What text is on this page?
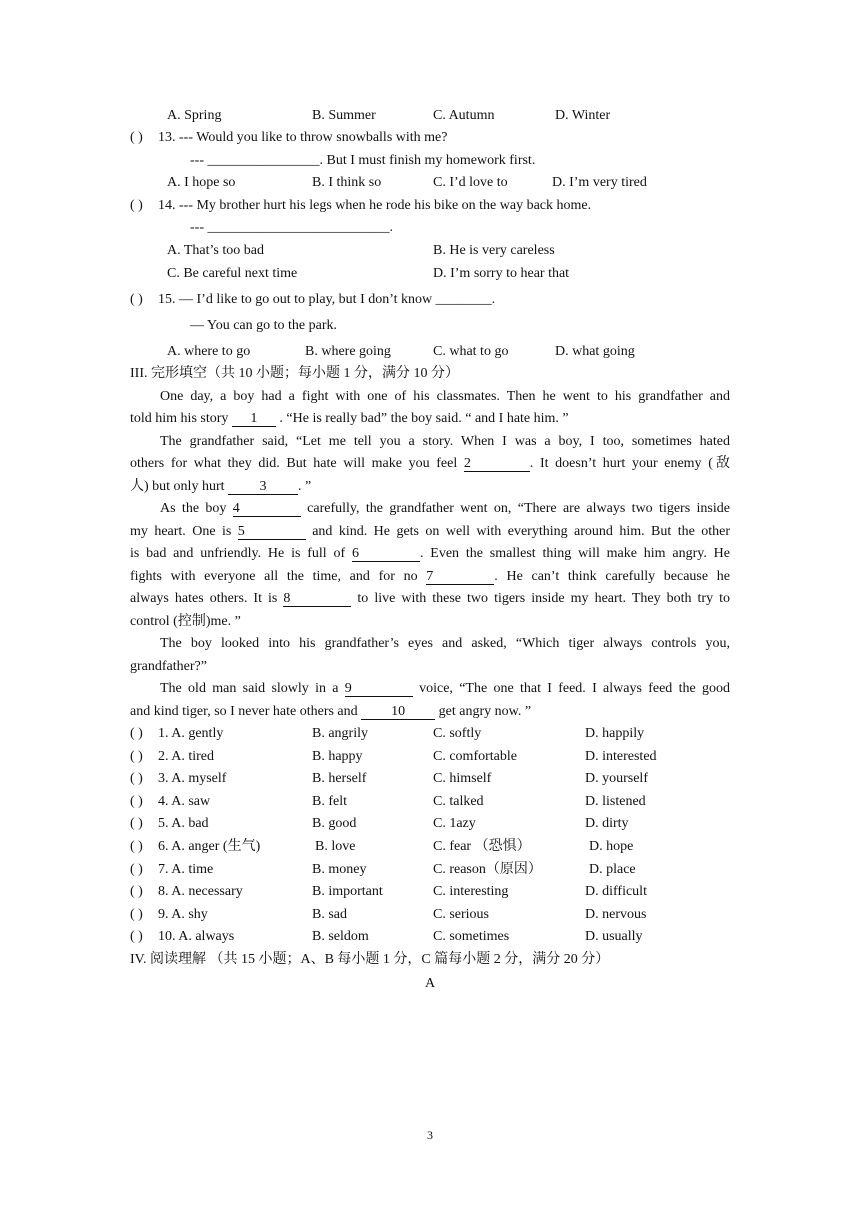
A. Spring	B. Summer	C. Autumn	D. Winter
( ) 13. --- Would you like to throw snowballs with me?
--- ________________. But I must finish my homework first.
A. I hope so	B. I think so	C. I’d love to	D. I’m very tired
( ) 14. --- My brother hurt his legs when he rode his bike on the way back home.
--- __________________________.
A. That’s too bad	B. He is very careless
C. Be careful next time	D. I’m sorry to hear that
( ) 15. — I’d like to go out to play, but I don’t know ________.
— You can go to the park.
A. where to go	B. where going	C. what to go	D. what going
III. 完形填空（共 10 小题；每小题 1 分，满分 10 分）
One day, a boy had a fight with one of his classmates. Then he went to his grandfather and
told him his story 1 . “He is really bad” the boy said. “ and I hate him. ”
The grandfather said, “Let me tell you a story. When I was a boy, I too, sometimes hated
others for what they did. But hate will make you feel 2	. It doesn’t hurt your enemy (敌
人) but only hurt 3 . ”
As the boy 4	carefully, the grandfather went on, “There are always two tigers inside
my heart. One is 5	and kind. He gets on well with everything around him. But the other
is bad and unfriendly. He is full of 6	. Even the smallest thing will make him angry. He
fights with everyone all the time, and for no 7	. He can’t think carefully because he
always hates others. It is 8	to live with these two tigers inside my heart. They both try to
control (控制)me. ”
The boy looked into his grandfather’s eyes and asked, “Which tiger always controls you,
grandfather?”
The old man said slowly in a 9	voice, “The one that I feed. I always feed the good
and kind tiger, so I never hate others and 10 get angry now. ”
( ) 1. A. gently	B. angrily	C. softly	D. happily
( ) 2. A. tired	B. happy	C. comfortable	D. interested
( ) 3. A. myself	B. herself	C. himself	D. yourself
( ) 4. A. saw	B. felt	C. talked	D. listened
( ) 5. A. bad	B. good	C. 1azy	D. dirty
( ) 6. A. anger (生气)	B. love	C. fear （恐惧）	D. hope
( ) 7. A. time	B. money	C. reason（原因）	D. place
( ) 8. A. necessary	B. important	C. interesting	D. difficult
( ) 9. A. shy	B. sad	C. serious	D. nervous
( ) 10. A. always	B. seldom	C. sometimes	D. usually
IV. 阅读理解 （共 15 小题；A、B 每小题 1 分，C 篇每小题 2 分，满分 20 分）
A
3
